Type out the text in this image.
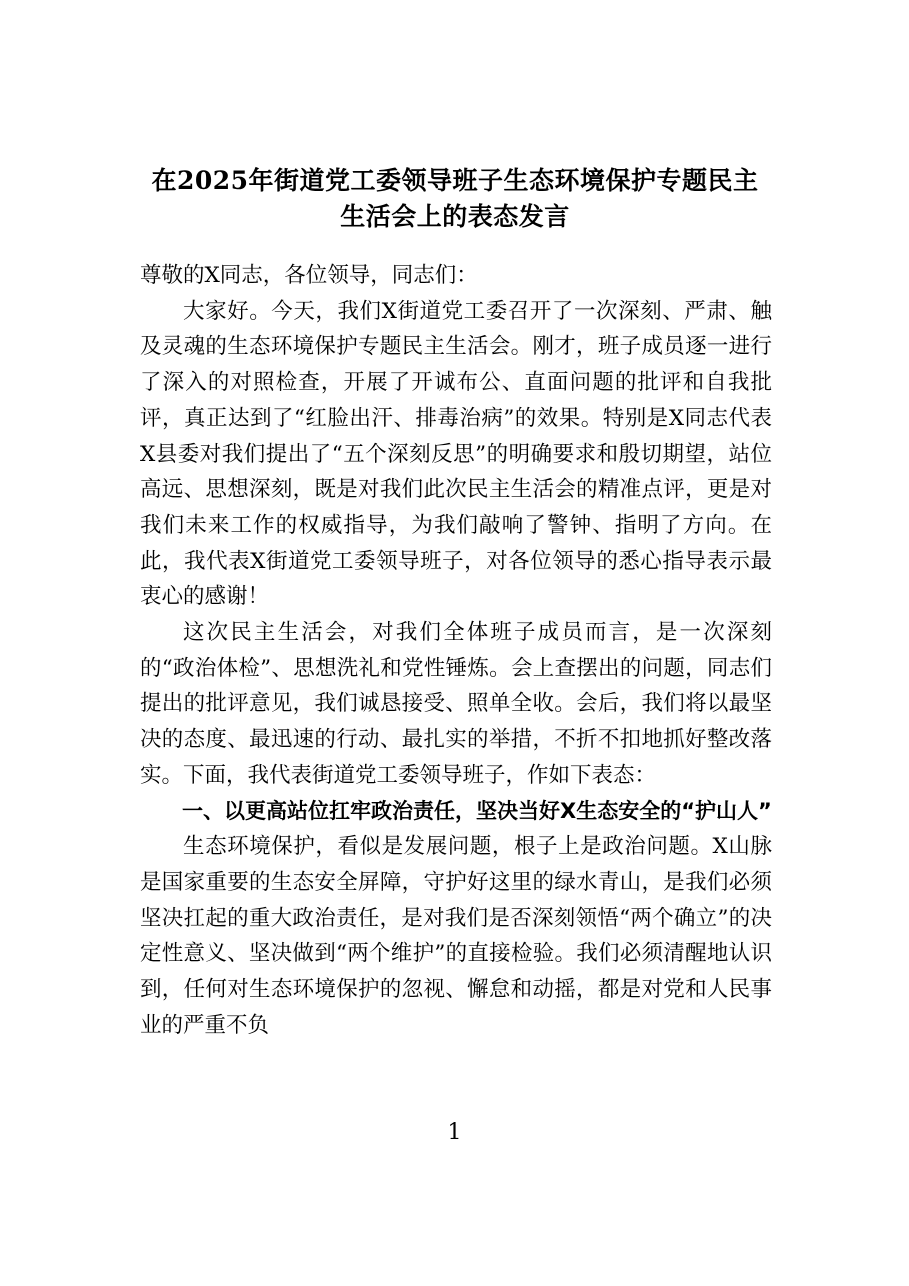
在2025年街道党工委领导班子生态环境保护专题民主生活会上的表态发言

尊敬的X同志，各位领导，同志们：

大家好。今天，我们X街道党工委召开了一次深刻、严肃、触及灵魂的生态环境保护专题民主生活会。刚才，班子成员逐一进行了深入的对照检查，开展了开诚布公、直面问题的批评和自我批评，真正达到了“红脸出汗、排毒治病”的效果。特别是X同志代表X县委对我们提出了“五个深刻反思”的明确要求和殷切期望，站位高远、思想深刻，既是对我们此次民主生活会的精准点评，更是对我们未来工作的权威指导，为我们敲响了警钟、指明了方向。在此，我代表X街道党工委领导班子，对各位领导的悉心指导表示最衷心的感谢！

这次民主生活会，对我们全体班子成员而言，是一次深刻的“政治体检”、思想洗礼和党性锤炼。会上查摆出的问题，同志们提出的批评意见，我们诚恳接受、照单全收。会后，我们将以最坚决的态度、最迅速的行动、最扎实的举措，不折不扣地抓好整改落实。下面，我代表街道党工委领导班子，作如下表态：

一、以更高站位扛牢政治责任，坚决当好X生态安全的“护山人”

生态环境保护，看似是发展问题，根子上是政治问题。X山脉是国家重要的生态安全屏障，守护好这里的绿水青山，是我们必须坚决扛起的重大政治责任，是对我们是否深刻领悟“两个确立”的决定性意义、坚决做到“两个维护”的直接检验。我们必须清醒地认识到，任何对生态环境保护的忽视、懈怠和动摇，都是对党和人民事业的严重不负

1
